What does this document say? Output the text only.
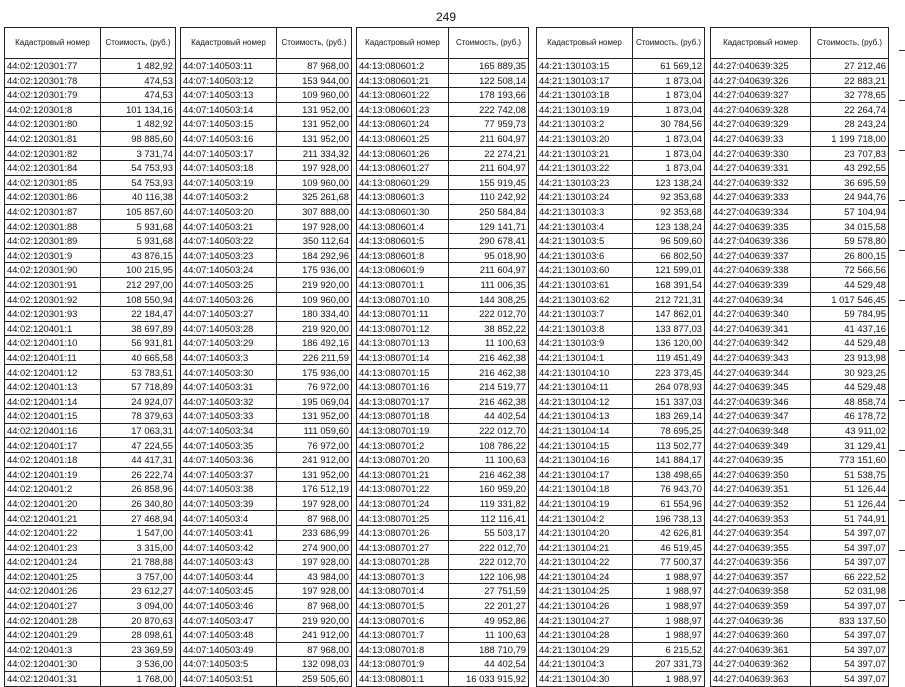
249
Кадастровый номер	Стоимость, (руб.)
44:02:120301:77	1 482,92
44:02:120301:78	474,53
44:02:120301:79	474,53
44:02:120301:8	101 134,16
44:02:120301:80	1 482,92
44:02:120301:81	98 885,60
44:02:120301:82	3 731,74
44:02:120301:84	54 753,93
44:02:120301:85	54 753,93
44:02:120301:86	40 116,38
44:02:120301:87	105 857,60
44:02:120301:88	5 931,68
44:02:120301:89	5 931,68
44:02:120301:9	43 876,15
44:02:120301:90	100 215,95
44:02:120301:91	212 297,00
44:02:120301:92	108 550,94
44:02:120301:93	22 184,47
44:02:120401:1	38 697,89
44:02:120401:10	56 931,81
44:02:120401:11	40 665,58
44:02:120401:12	53 783,51
44:02:120401:13	57 718,89
44:02:120401:14	24 924,07
44:02:120401:15	78 379,63
44:02:120401:16	17 063,31
44:02:120401:17	47 224,55
44:02:120401:18	44 417,31
44:02:120401:19	26 222,74
44:02:120401:2	26 858,96
44:02:120401:20	26 340,80
44:02:120401:21	27 468,94
44:02:120401:22	1 547,00
44:02:120401:23	3 315,00
44:02:120401:24	21 788,88
44:02:120401:25	3 757,00
44:02:120401:26	23 612,27
44:02:120401:27	3 094,00
44:02:120401:28	20 870,63
44:02:120401:29	28 098,61
44:02:120401:3	23 369,59
44:02:120401:30	3 536,00
44:02:120401:31	1 768,00
Кадастровый номер	Стоимость, (руб.)
44:07:140503:11	87 968,00
44:07:140503:12	153 944,00
44:07:140503:13	109 960,00
44:07:140503:14	131 952,00
44:07:140503:15	131 952,00
44:07:140503:16	131 952,00
44:07:140503:17	211 334,32
44:07:140503:18	197 928,00
44:07:140503:19	109 960,00
44:07:140503:2	325 261,68
44:07:140503:20	307 888,00
44:07:140503:21	197 928,00
44:07:140503:22	350 112,64
44:07:140503:23	184 292,96
44:07:140503:24	175 936,00
44:07:140503:25	219 920,00
44:07:140503:26	109 960,00
44:07:140503:27	180 334,40
44:07:140503:28	219 920,00
44:07:140503:29	186 492,16
44:07:140503:3	226 211,59
44:07:140503:30	175 936,00
44:07:140503:31	76 972,00
44:07:140503:32	195 069,04
44:07:140503:33	131 952,00
44:07:140503:34	111 059,60
44:07:140503:35	76 972,00
44:07:140503:36	241 912,00
44:07:140503:37	131 952,00
44:07:140503:38	176 512,19
44:07:140503:39	197 928,00
44:07:140503:4	87 968,00
44:07:140503:41	233 686,99
44:07:140503:42	274 900,00
44:07:140503:43	197 928,00
44:07:140503:44	43 984,00
44:07:140503:45	197 928,00
44:07:140503:46	87 968,00
44:07:140503:47	219 920,00
44:07:140503:48	241 912,00
44:07:140503:49	87 968,00
44:07:140503:5	132 098,03
44:07:140503:51	259 505,60
Кадастровый номер	Стоимость, (руб.)
44:13:080601:2	165 889,35
44:13:080601:21	122 508,14
44:13:080601:22	178 193,66
44:13:080601:23	222 742,08
44:13:080601:24	77 959,73
44:13:080601:25	211 604,97
44:13:080601:26	22 274,21
44:13:080601:27	211 604,97
44:13:080601:29	155 919,45
44:13:080601:3	110 242,92
44:13:080601:30	250 584,84
44:13:080601:4	129 141,71
44:13:080601:5	290 678,41
44:13:080601:8	95 018,90
44:13:080601:9	211 604,97
44:13:080701:1	111 006,35
44:13:080701:10	144 308,25
44:13:080701:11	222 012,70
44:13:080701:12	38 852,22
44:13:080701:13	11 100,63
44:13:080701:14	216 462,38
44:13:080701:15	216 462,38
44:13:080701:16	214 519,77
44:13:080701:17	216 462,38
44:13:080701:18	44 402,54
44:13:080701:19	222 012,70
44:13:080701:2	108 786,22
44:13:080701:20	11 100,63
44:13:080701:21	216 462,38
44:13:080701:22	160 959,20
44:13:080701:24	119 331,82
44:13:080701:25	112 116,41
44:13:080701:26	55 503,17
44:13:080701:27	222 012,70
44:13:080701:28	222 012,70
44:13:080701:3	122 106,98
44:13:080701:4	27 751,59
44:13:080701:5	22 201,27
44:13:080701:6	49 952,86
44:13:080701:7	11 100,63
44:13:080701:8	188 710,79
44:13:080701:9	44 402,54
44:13:080801:1	16 033 915,92
Кадастровый номер	Стоимость, (руб.)
44:21:130103:15	61 569,12
44:21:130103:17	1 873,04
44:21:130103:18	1 873,04
44:21:130103:19	1 873,04
44:21:130103:2	30 784,56
44:21:130103:20	1 873,04
44:21:130103:21	1 873,04
44:21:130103:22	1 873,04
44:21:130103:23	123 138,24
44:21:130103:24	92 353,68
44:21:130103:3	92 353,68
44:21:130103:4	123 138,24
44:21:130103:5	96 509,60
44:21:130103:6	66 802,50
44:21:130103:60	121 599,01
44:21:130103:61	168 391,54
44:21:130103:62	212 721,31
44:21:130103:7	147 862,01
44:21:130103:8	133 877,03
44:21:130103:9	136 120,00
44:21:130104:1	119 451,49
44:21:130104:10	223 373,45
44:21:130104:11	264 078,93
44:21:130104:12	151 337,03
44:21:130104:13	183 269,14
44:21:130104:14	78 695,25
44:21:130104:15	113 502,77
44:21:130104:16	141 884,17
44:21:130104:17	138 498,65
44:21:130104:18	76 943,70
44:21:130104:19	61 554,96
44:21:130104:2	196 738,13
44:21:130104:20	42 626,81
44:21:130104:21	46 519,45
44:21:130104:22	77 500,37
44:21:130104:24	1 988,97
44:21:130104:25	1 988,97
44:21:130104:26	1 988,97
44:21:130104:27	1 988,97
44:21:130104:28	1 988,97
44:21:130104:29	6 215,52
44:21:130104:3	207 331,73
44:21:130104:30	1 988,97
Кадастровый номер	Стоимость, (руб.)
44:27:040639:325	27 212,46
44:27:040639:326	22 883,21
44:27:040639:327	32 778,65
44:27:040639:328	22 264,74
44:27:040639:329	28 243,24
44:27:040639:33	1 199 718,00
44:27:040639:330	23 707,83
44:27:040639:331	43 292,55
44:27:040639:332	36 695,59
44:27:040639:333	24 944,76
44:27:040639:334	57 104,94
44:27:040639:335	34 015,58
44:27:040639:336	59 578,80
44:27:040639:337	26 800,15
44:27:040639:338	72 566,56
44:27:040639:339	44 529,48
44:27:040639:34	1 017 546,45
44:27:040639:340	59 784,95
44:27:040639:341	41 437,16
44:27:040639:342	44 529,48
44:27:040639:343	23 913,98
44:27:040639:344	30 923,25
44:27:040639:345	44 529,48
44:27:040639:346	48 858,74
44:27:040639:347	46 178,72
44:27:040639:348	43 911,02
44:27:040639:349	31 129,41
44:27:040639:35	773 151,60
44:27:040639:350	51 538,75
44:27:040639:351	51 126,44
44:27:040639:352	51 126,44
44:27:040639:353	51 744,91
44:27:040639:354	54 397,07
44:27:040639:355	54 397,07
44:27:040639:356	54 397,07
44:27:040639:357	66 222,52
44:27:040639:358	52 031,98
44:27:040639:359	54 397,07
44:27:040639:36	833 137,50
44:27:040639:360	54 397,07
44:27:040639:361	54 397,07
44:27:040639:362	54 397,07
44:27:040639:363	54 397,07
